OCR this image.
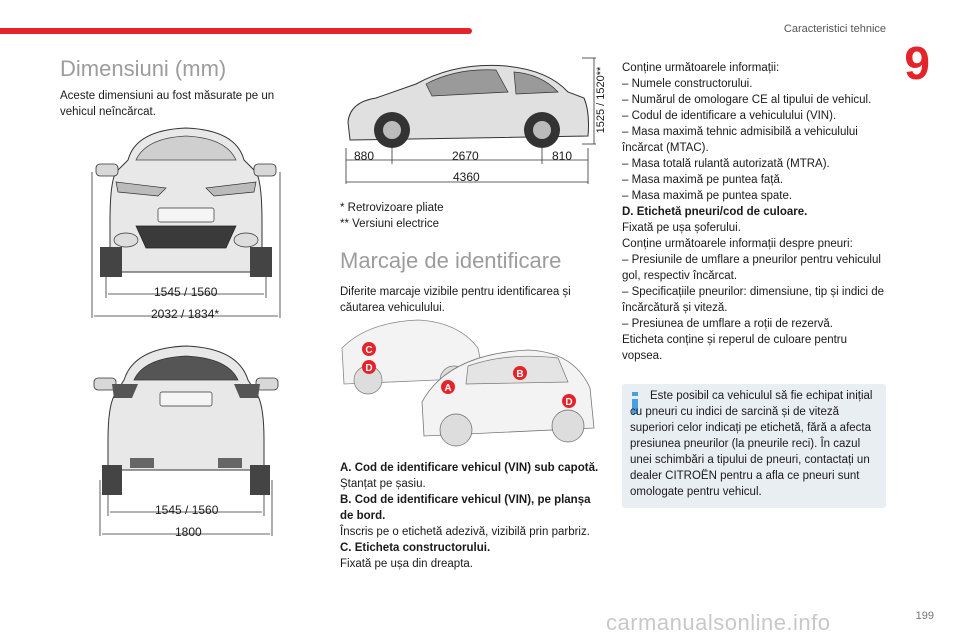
Caracteristici tehnice
9
Dimensiuni (mm)
Aceste dimensiuni au fost măsurate pe un vehicul neîncărcat.
1545 / 1560
2032 / 1834*
1545 / 1560
1800
880	2670	810
4360
1525 / 1520**
* Retrovizoare pliate
** Versiuni electrice
Marcaje de identificare
Diferite marcaje vizibile pentru identificarea și căutarea vehiculului.
C
D
A
B
D
A. Cod de identificare vehicul (VIN) sub capotă.
Ștanțat pe șasiu.
B. Cod de identificare vehicul (VIN), pe planșa de bord.
Înscris pe o etichetă adezivă, vizibilă prin parbriz.
C. Eticheta constructorului.
Fixată pe ușa din dreapta.
Conține următoarele informații:
– Numele constructorului.
– Numărul de omologare CE al tipului de vehicul.
– Codul de identificare a vehiculului (VIN).
– Masa maximă tehnic admisibilă a vehiculului încărcat (MTAC).
– Masa totală rulantă autorizată (MTRA).
– Masa maximă pe puntea față.
– Masa maximă pe puntea spate.
D. Etichetă pneuri/cod de culoare.
Fixată pe ușa șoferului.
Conține următoarele informații despre pneuri:
– Presiunile de umflare a pneurilor pentru vehiculul gol, respectiv încărcat.
– Specificațiile pneurilor: dimensiune, tip și indici de încărcătură și viteză.
– Presiunea de umflare a roții de rezervă.
Eticheta conține și reperul de culoare pentru vopsea.
Este posibil ca vehiculul să fie echipat inițial cu pneuri cu indici de sarcină și de viteză superiori celor indicați pe etichetă, fără a afecta presiunea pneurilor (la pneurile reci). În cazul unei schimbări a tipului de pneuri, contactați un dealer CITROËN pentru a afla ce pneuri sunt omologate pentru vehicul.
199
carmanualsonline.info
